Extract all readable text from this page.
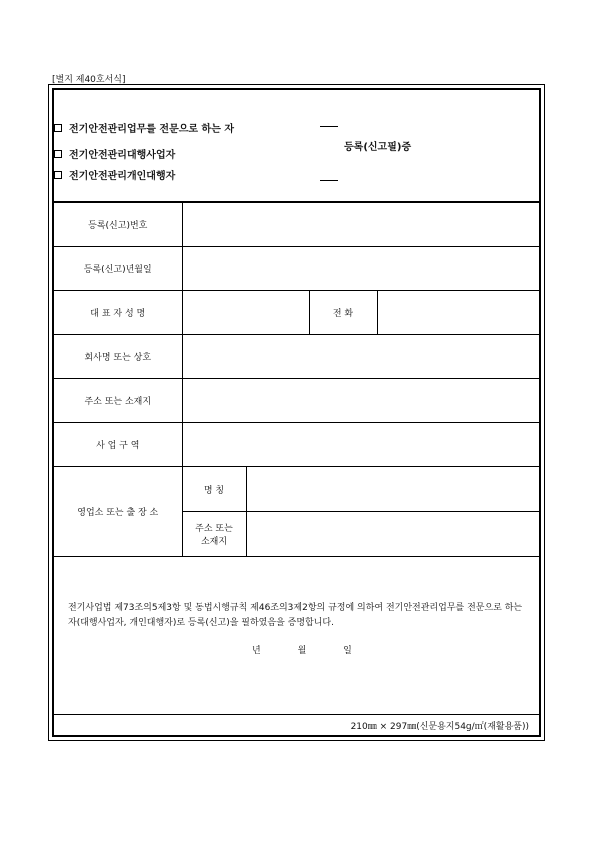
[별지 제40호서식]
전기안전관리업무를 전문으로 하는 자
전기안전관리대행사업자
전기안전관리개인대행자
등록(신고필)증
등록(신고)번호				
등록(신고)년월일				
대 표 자 성 명			전 화	
회사명 또는 상호				
주소 또는 소재지				
사 업 구 역				
영업소 또는 출 장 소	명 칭			
	주소 또는
소재지			
전기사업법 제73조의5제3항 및 동법시행규칙 제46조의3제2항의 규정에 의하여 전기안전관리업무를 전문으로 하는 자(대행사업자, 개인대행자)로 등록(신고)을 필하였음을 증명합니다.
년	월	일
210㎜ × 297㎜(신문용지54g/㎡(재활용품))
